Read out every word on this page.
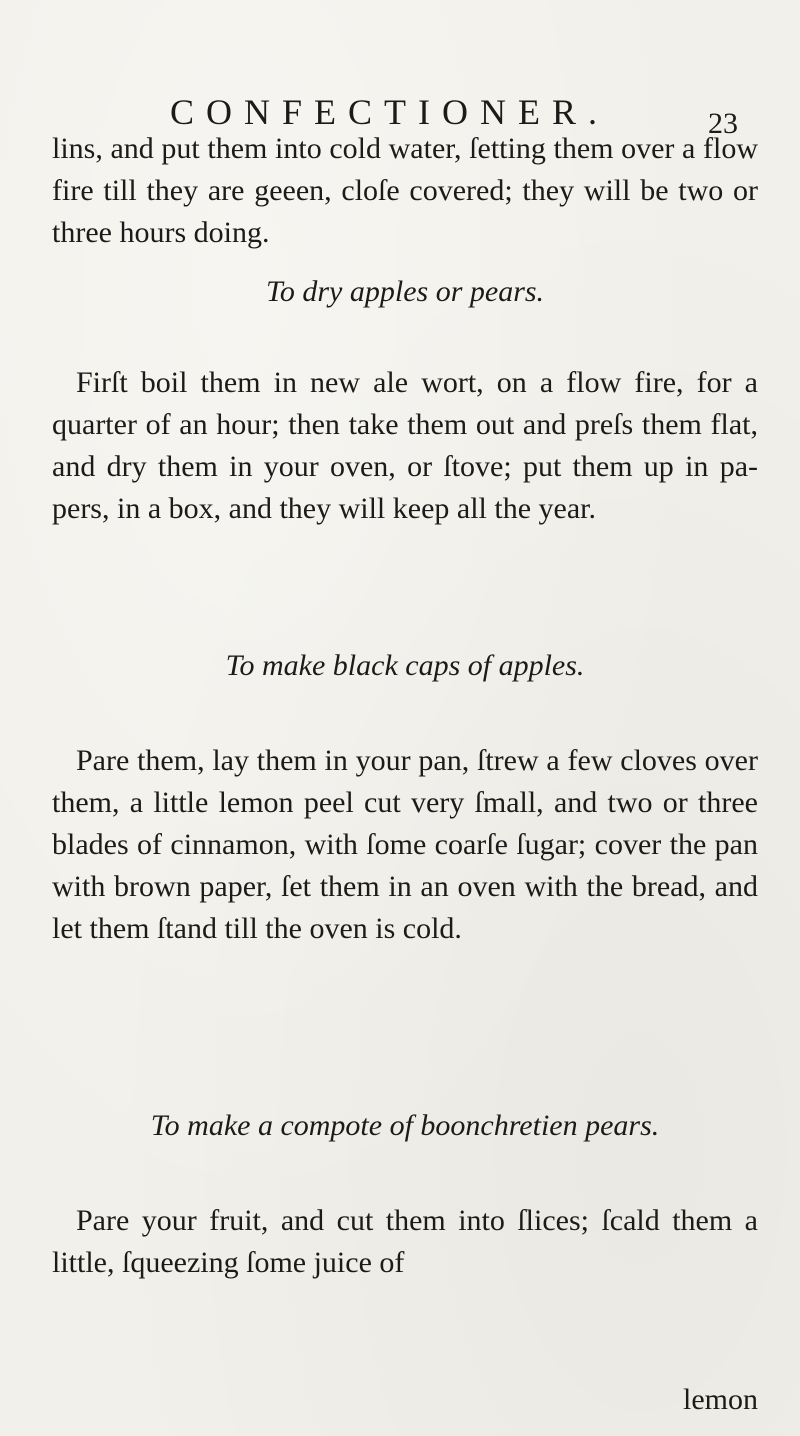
CONFECTIONER.	23
lins, and put them into cold water, ſetting them over a flow fire till they are geeen, cloſe covered; they will be two or three hours doing.
To dry apples or pears.
Firſt boil them in new ale wort, on a flow fire, for a quarter of an hour; then take them out and preſs them flat, and dry them in your oven, or ſtove; put them up in pa-pers, in a box, and they will keep all the year.
To make black caps of apples.
Pare them, lay them in your pan, ſtrew a few cloves over them, a little lemon peel cut very ſmall, and two or three blades of cinnamon, with ſome coarſe ſugar; cover the pan with brown paper, ſet them in an oven with the bread, and let them ſtand till the oven is cold.
To make a compote of boonchretien pears.
Pare your fruit, and cut them into ſlices; ſcald them a little, ſqueezing ſome juice of
lemon
